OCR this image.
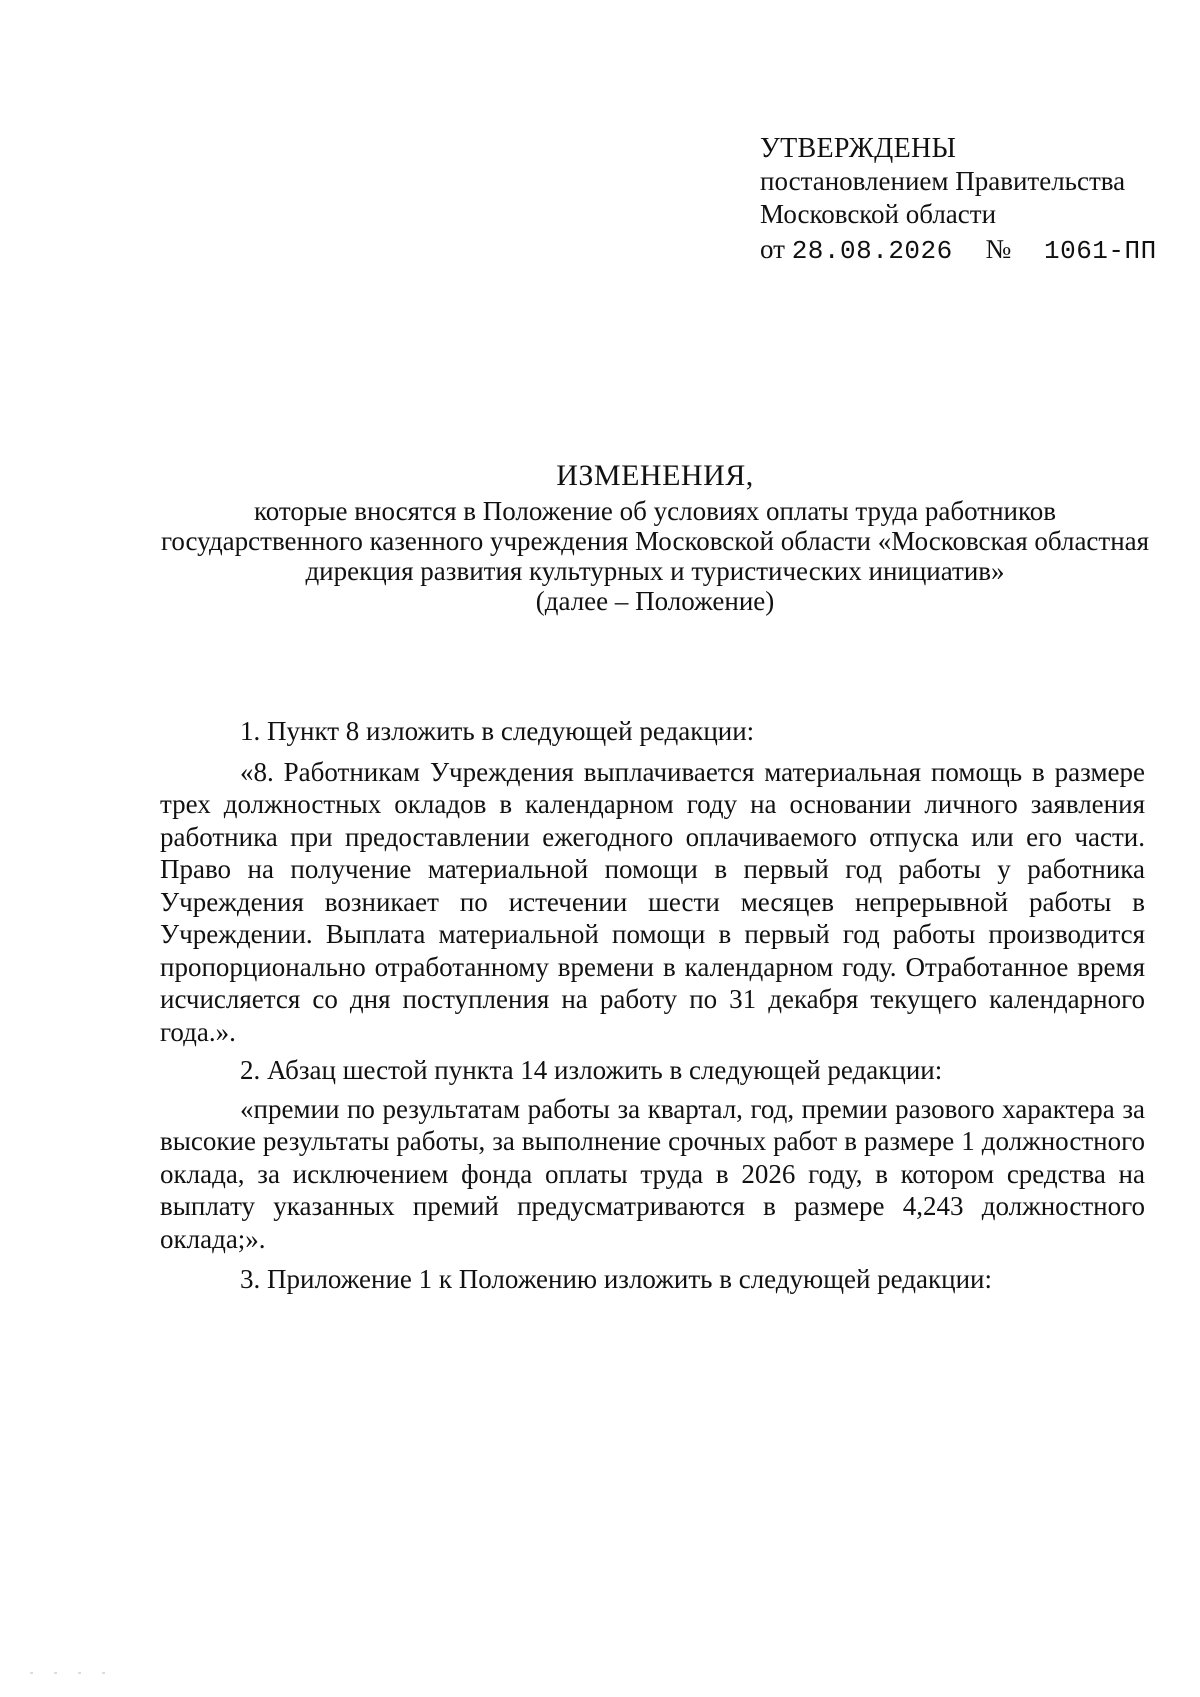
УТВЕРЖДЕНЫ
постановлением Правительства
Московской области
от 28.08.2026 № 1061-ПП
ИЗМЕНЕНИЯ,
которые вносятся в Положение об условиях оплаты труда работников государственного казенного учреждения Московской области «Московская областная дирекция развития культурных и туристических инициатив»
(далее – Положение)

1. Пункт 8 изложить в следующей редакции:

«8. Работникам Учреждения выплачивается материальная помощь в размере трех должностных окладов в календарном году на основании личного заявления работника при предоставлении ежегодного оплачиваемого отпуска или его части. Право на получение материальной помощи в первый год работы у работника Учреждения возникает по истечении шести месяцев непрерывной работы в Учреждении. Выплата материальной помощи в первый год работы производится пропорционально отработанному времени в календарном году. Отработанное время исчисляется со дня поступления на работу по 31 декабря текущего календарного года.».

2. Абзац шестой пункта 14 изложить в следующей редакции:

«премии по результатам работы за квартал, год, премии разового характера за высокие результаты работы, за выполнение срочных работ в размере 1 должностного оклада, за исключением фонда оплаты труда в 2026 году, в котором средства на выплату указанных премий предусматриваются в размере 4,243 должностного оклада;».

3. Приложение 1 к Положению изложить в следующей редакции:
